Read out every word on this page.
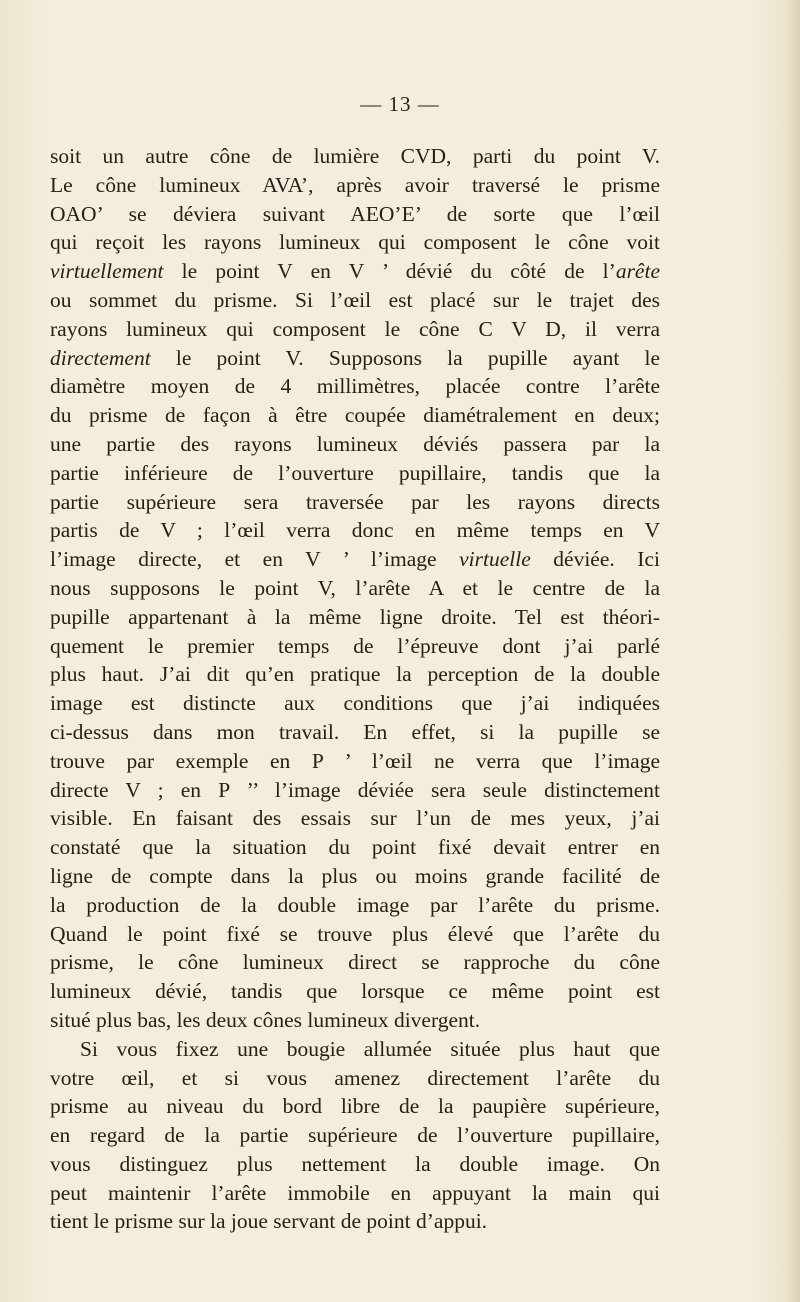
— 13 —
soit un autre cône de lumière CVD, parti du point V.
Le cône lumineux AVA’, après avoir traversé le prisme
OAO’ se déviera suivant AEO’E’ de sorte que l’œil
qui reçoit les rayons lumineux qui composent le cône voit
virtuellement le point V en V ’ dévié du côté de l’arête
ou sommet du prisme. Si l’œil est placé sur le trajet des
rayons lumineux qui composent le cône C V D, il verra
directement le point V. Supposons la pupille ayant le
diamètre moyen de 4 millimètres, placée contre l’arête
du prisme de façon à être coupée diamétralement en deux;
une partie des rayons lumineux déviés passera par la
partie inférieure de l’ouverture pupillaire, tandis que la
partie supérieure sera traversée par les rayons directs
partis de V ; l’œil verra donc en même temps en V
l’image directe, et en V ’ l’image virtuelle déviée. Ici
nous supposons le point V, l’arête A et le centre de la
pupille appartenant à la même ligne droite. Tel est théori-
quement le premier temps de l’épreuve dont j’ai parlé
plus haut. J’ai dit qu’en pratique la perception de la double
image est distincte aux conditions que j’ai indiquées
ci-dessus dans mon travail. En effet, si la pupille se
trouve par exemple en P ’ l’œil ne verra que l’image
directe V ; en P ’’ l’image déviée sera seule distinctement
visible. En faisant des essais sur l’un de mes yeux, j’ai
constaté que la situation du point fixé devait entrer en
ligne de compte dans la plus ou moins grande facilité de
la production de la double image par l’arête du prisme.
Quand le point fixé se trouve plus élevé que l’arête du
prisme, le cône lumineux direct se rapproche du cône
lumineux dévié, tandis que lorsque ce même point est
situé plus bas, les deux cônes lumineux divergent.
Si vous fixez une bougie allumée située plus haut que
votre œil, et si vous amenez directement l’arête du
prisme au niveau du bord libre de la paupière supérieure,
en regard de la partie supérieure de l’ouverture pupillaire,
vous distinguez plus nettement la double image. On
peut maintenir l’arête immobile en appuyant la main qui
tient le prisme sur la joue servant de point d’appui.
